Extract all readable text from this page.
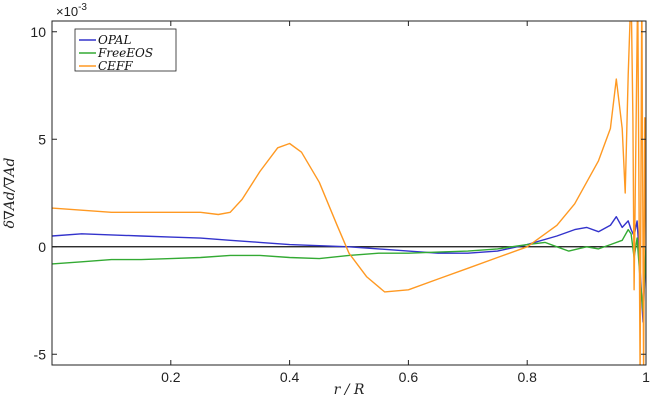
$\times 10^{-3}$
0.2	0.4	0.6	0.8	1
-5
0
5
10
r / R
δ∇Ad/∇Ad
OPAL
FreeEOS
CEFF
